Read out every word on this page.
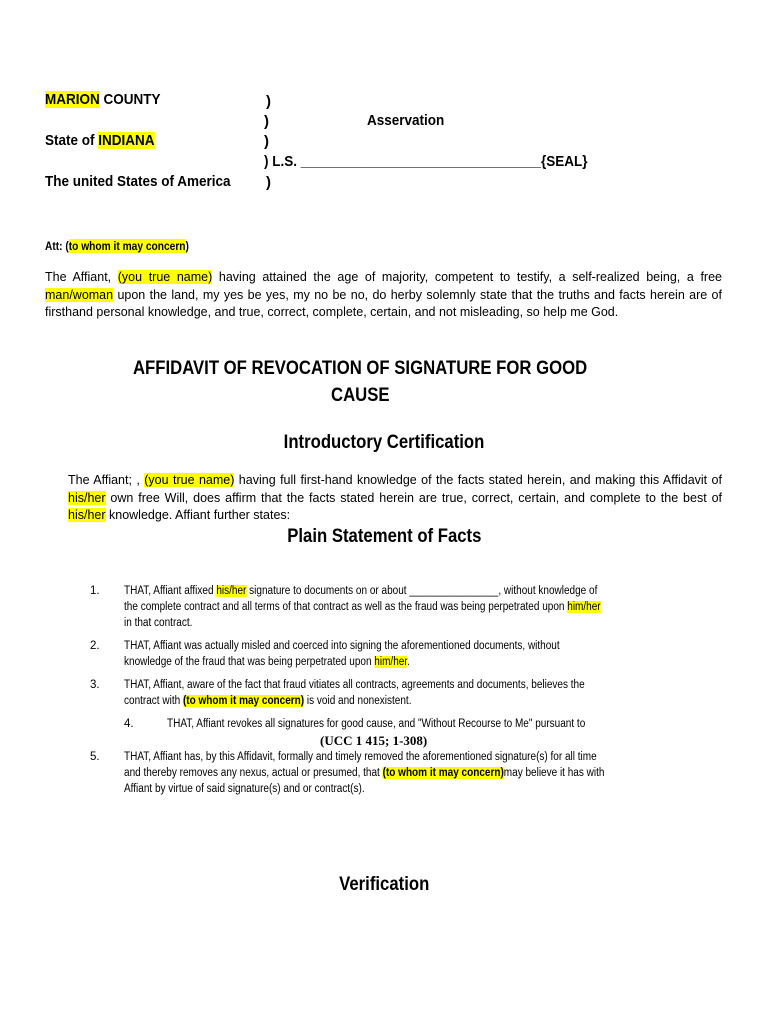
MARION COUNTY
State of INDIANA
The united States of America
)
)
)
) L.S. ________________________________{SEAL}
)
Asservation
Att: (to whom it may concern)
The Affiant, (you true name) having attained the age of majority, competent to testify, a self-realized being, a free man/woman upon the land, my yes be yes, my no be no, do herby solemnly state that the truths and facts herein are of firsthand personal knowledge, and true, correct, complete, certain, and not misleading, so help me God.
AFFIDAVIT OF REVOCATION OF SIGNATURE FOR GOOD
CAUSE
Introductory Certification
The Affiant; , (you true name) having full first-hand knowledge of the facts stated herein, and making this Affidavit of his/her own free Will, does affirm that the facts stated herein are true, correct, certain, and complete to the best of his/her knowledge. Affiant further states:
Plain Statement of Facts
1. THAT, Affiant affixed his/her signature to documents on or about ________________, without knowledge of
the complete contract and all terms of that contract as well as the fraud was being perpetrated upon him/her
in that contract.
2. THAT, Affiant was actually misled and coerced into signing the aforementioned documents, without
knowledge of the fraud that was being perpetrated upon him/her.
3. THAT, Affiant, aware of the fact that fraud vitiates all contracts, agreements and documents, believes the
contract with (to whom it may concern) is void and nonexistent.
4.	THAT, Affiant revokes all signatures for good cause, and "Without Recourse to Me" pursuant to
(UCC 1 415; 1-308)
5. THAT, Affiant has, by this Affidavit, formally and timely removed the aforementioned signature(s) for all time
and thereby removes any nexus, actual or presumed, that (to whom it may concern)may believe it has with
Affiant by virtue of said signature(s) and or contract(s).
Verification
